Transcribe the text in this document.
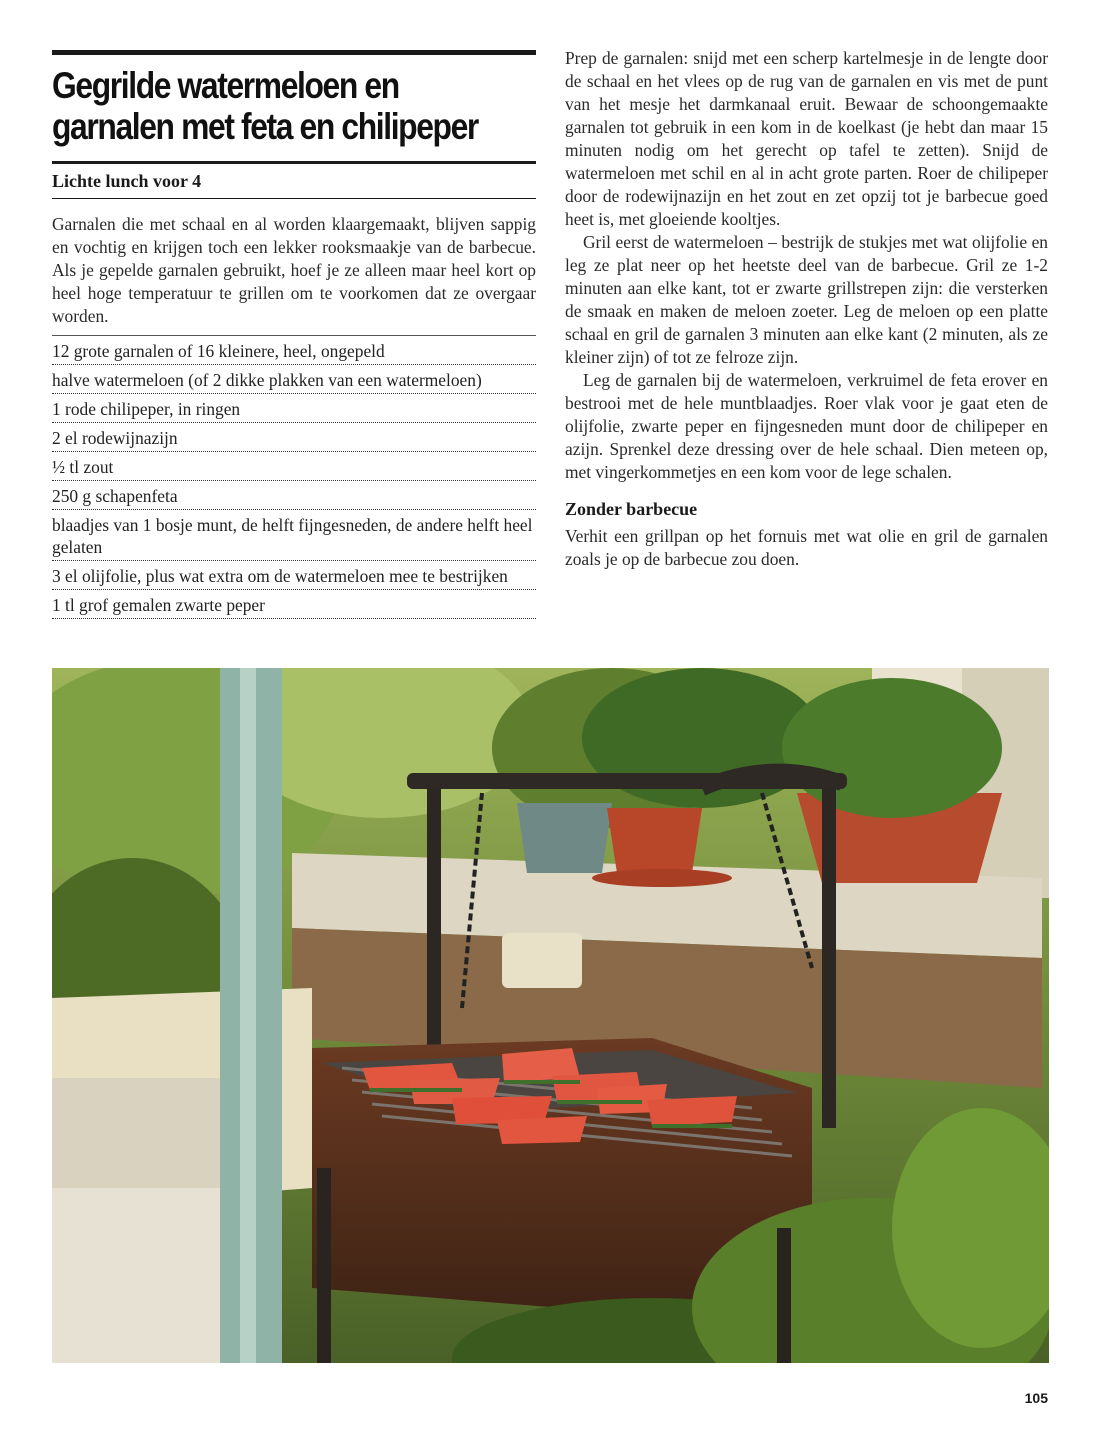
Gegrilde watermeloen en
garnalen met feta en chilipeper
Lichte lunch voor 4

Garnalen die met schaal en al worden klaargemaakt, blijven sappig en vochtig en krijgen toch een lekker rooksmaakje van de barbecue. Als je gepelde garnalen gebruikt, hoef je ze alleen maar heel kort op heel hoge temperatuur te grillen om te voorkomen dat ze overgaar worden.

12 grote garnalen of 16 kleinere, heel, ongepeld
halve watermeloen (of 2 dikke plakken van een watermeloen)
1 rode chilipeper, in ringen
2 el rodewijnazijn
½ tl zout
250 g schapenfeta
blaadjes van 1 bosje munt, de helft fijngesneden, de andere helft heel gelaten
3 el olijfolie, plus wat extra om de watermeloen mee te bestrijken
1 tl grof gemalen zwarte peper

Prep de garnalen: snijd met een scherp kartelmesje in de lengte door de schaal en het vlees op de rug van de garnalen en vis met de punt van het mesje het darmkanaal eruit. Bewaar de schoongemaakte garnalen tot gebruik in een kom in de koelkast (je hebt dan maar 15 minuten nodig om het gerecht op tafel te zetten). Snijd de watermeloen met schil en al in acht grote parten. Roer de chilipeper door de rodewijnazijn en het zout en zet opzij tot je barbecue goed heet is, met gloeiende kooltjes.

Gril eerst de watermeloen – bestrijk de stukjes met wat olijfolie en leg ze plat neer op het heetste deel van de barbecue. Gril ze 1-2 minuten aan elke kant, tot er zwarte grillstrepen zijn: die versterken de smaak en maken de meloen zoeter. Leg de meloen op een platte schaal en gril de garnalen 3 minuten aan elke kant (2 minuten, als ze kleiner zijn) of tot ze felroze zijn.

Leg de garnalen bij de watermeloen, verkruimel de feta erover en bestrooi met de hele muntblaadjes. Roer vlak voor je gaat eten de olijfolie, zwarte peper en fijngesneden munt door de chilipeper en azijn. Sprenkel deze dressing over de hele schaal. Dien meteen op, met vingerkommetjes en een kom voor de lege schalen.

Zonder barbecue

Verhit een grillpan op het fornuis met wat olie en gril de garnalen zoals je op de barbecue zou doen.

105
